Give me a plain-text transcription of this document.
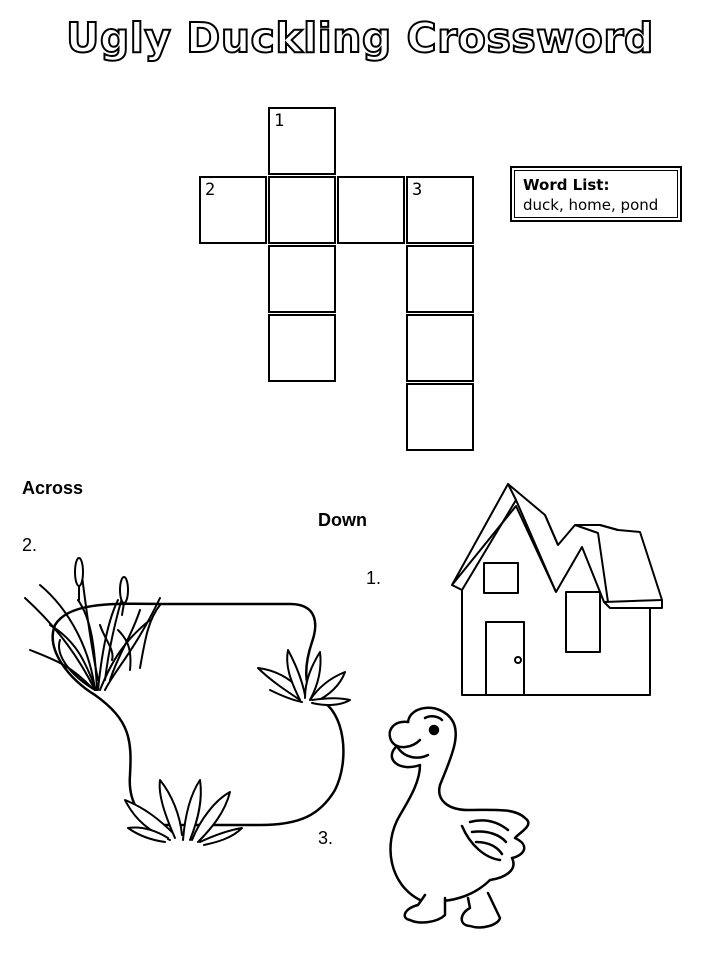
Ugly Duckling Crossword
1
2	3	Word List:
duck, home, pond
Across
2.
Down
1.
3.
